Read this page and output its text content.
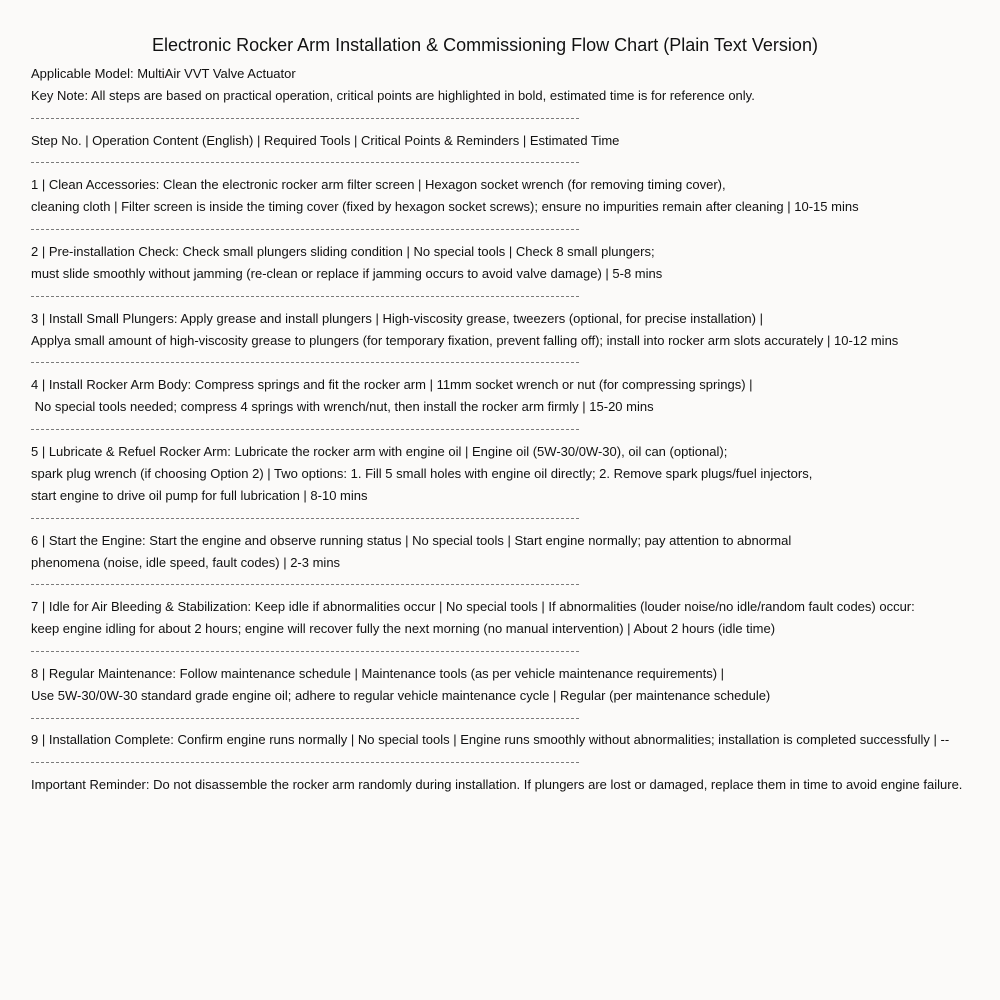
Electronic Rocker Arm Installation & Commissioning Flow Chart (Plain Text Version)
Applicable Model: MultiAir VVT Valve Actuator
Key Note: All steps are based on practical operation, critical points are highlighted in bold, estimated time is for reference only.
Step No. | Operation Content (English) | Required Tools | Critical Points & Reminders | Estimated Time
1 | Clean Accessories: Clean the electronic rocker arm filter screen | Hexagon socket wrench (for removing timing cover),
cleaning cloth | Filter screen is inside the timing cover (fixed by hexagon socket screws); ensure no impurities remain after cleaning | 10-15 mins
2 | Pre-installation Check: Check small plungers sliding condition | No special tools | Check 8 small plungers;
must slide smoothly without jamming (re-clean or replace if jamming occurs to avoid valve damage) | 5-8 mins
3 | Install Small Plungers: Apply grease and install plungers | High-viscosity grease, tweezers (optional, for precise installation) |
Applya small amount of high-viscosity grease to plungers (for temporary fixation, prevent falling off); install into rocker arm slots accurately | 10-12 mins
4 | Install Rocker Arm Body: Compress springs and fit the rocker arm | 11mm socket wrench or nut (for compressing springs) |
No special tools needed; compress 4 springs with wrench/nut, then install the rocker arm firmly | 15-20 mins
5 | Lubricate & Refuel Rocker Arm: Lubricate the rocker arm with engine oil | Engine oil (5W-30/0W-30), oil can (optional);
spark plug wrench (if choosing Option 2) | Two options: 1. Fill 5 small holes with engine oil directly; 2. Remove spark plugs/fuel injectors,
start engine to drive oil pump for full lubrication | 8-10 mins
6 | Start the Engine: Start the engine and observe running status | No special tools | Start engine normally; pay attention to abnormal
phenomena (noise, idle speed, fault codes) | 2-3 mins
7 | Idle for Air Bleeding & Stabilization: Keep idle if abnormalities occur | No special tools | If abnormalities (louder noise/no idle/random fault codes) occur:
keep engine idling for about 2 hours; engine will recover fully the next morning (no manual intervention) | About 2 hours (idle time)
8 | Regular Maintenance: Follow maintenance schedule | Maintenance tools (as per vehicle maintenance requirements) |
Use 5W-30/0W-30 standard grade engine oil; adhere to regular vehicle maintenance cycle | Regular (per maintenance schedule)
9 | Installation Complete: Confirm engine runs normally | No special tools | Engine runs smoothly without abnormalities; installation is completed successfully | --
Important Reminder: Do not disassemble the rocker arm randomly during installation. If plungers are lost or damaged, replace them in time to avoid engine failure.
